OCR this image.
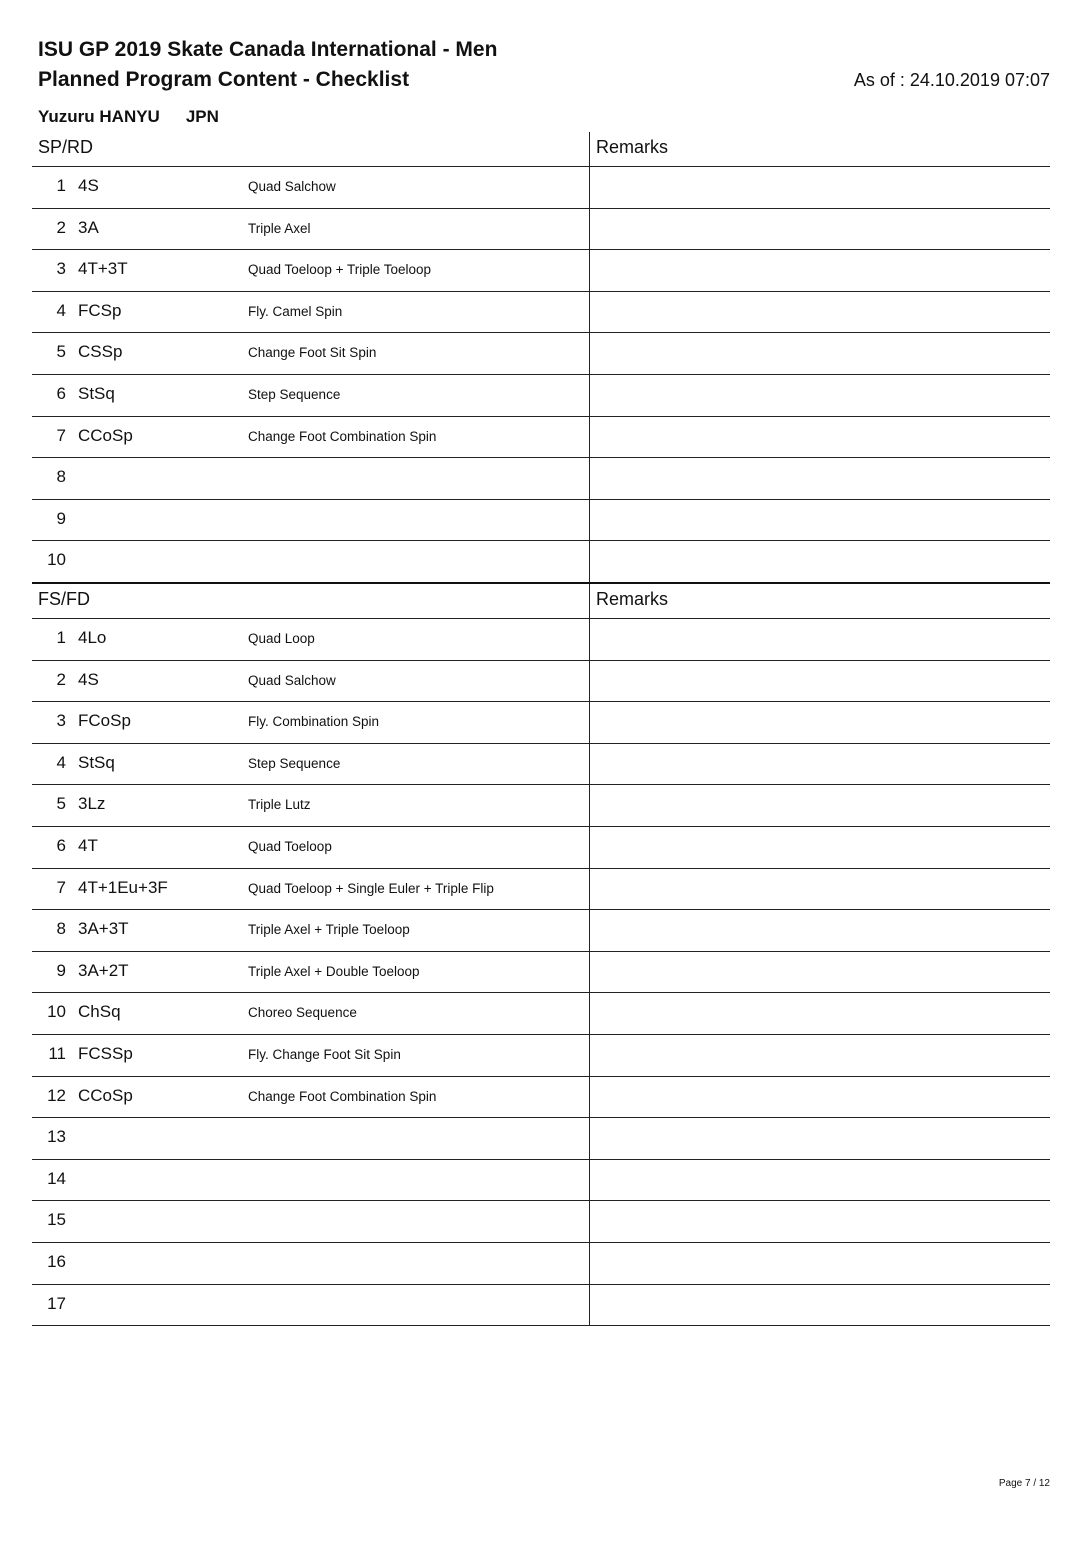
ISU GP 2019 Skate Canada International - Men
Planned Program Content - Checklist	As of : 24.10.2019 07:07
Yuzuru HANYU JPN
SP/RD	Remarks
1 4S	Quad Salchow
2 3A	Triple Axel
3 4T+3T	Quad Toeloop + Triple Toeloop
4 FCSp	Fly. Camel Spin
5 CSSp	Change Foot Sit Spin
6 StSq	Step Sequence
7 CCoSp	Change Foot Combination Spin
8
9
10
FS/FD	Remarks
1 4Lo	Quad Loop
2 4S	Quad Salchow
3 FCoSp	Fly. Combination Spin
4 StSq	Step Sequence
5 3Lz	Triple Lutz
6 4T	Quad Toeloop
7 4T+1Eu+3F	Quad Toeloop + Single Euler + Triple Flip
8 3A+3T	Triple Axel + Triple Toeloop
9 3A+2T	Triple Axel + Double Toeloop
10 ChSq	Choreo Sequence
11 FCSSp	Fly. Change Foot Sit Spin
12 CCoSp	Change Foot Combination Spin
13
14
15
16
17
Page 7 / 12
